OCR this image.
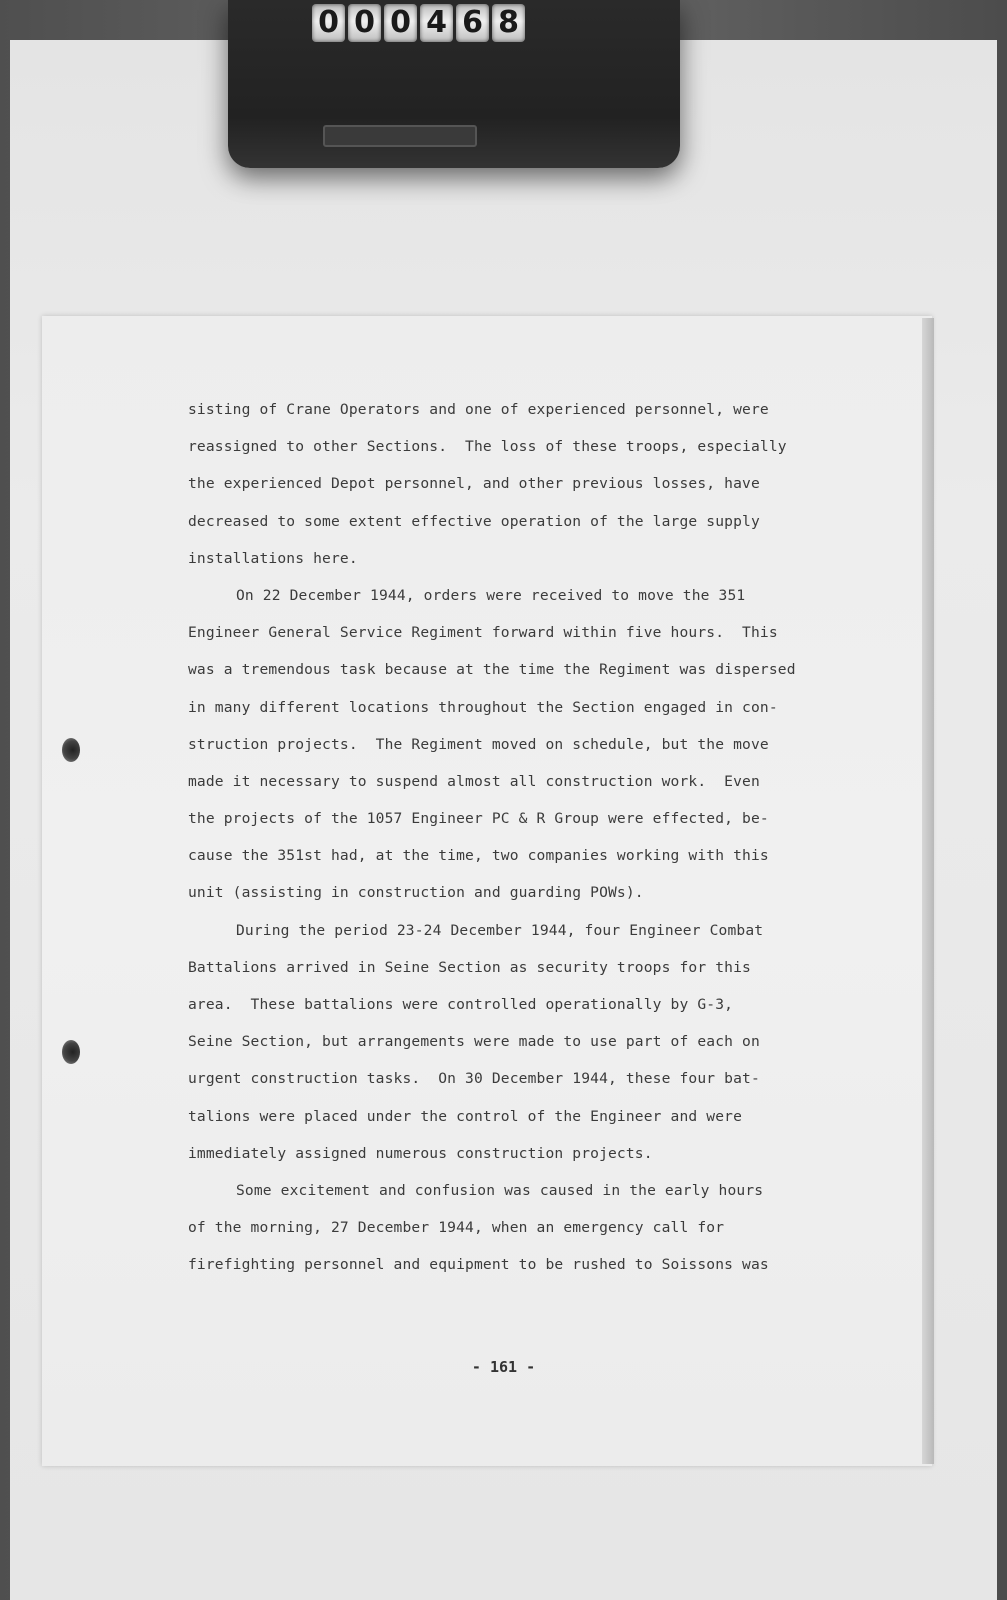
0 0 0 4 6 8
sisting of Crane Operators and one of experienced personnel, were
reassigned to other Sections.  The loss of these troops, especially
the experienced Depot personnel, and other previous losses, have
decreased to some extent effective operation of the large supply
installations here.
On 22 December 1944, orders were received to move the 351
Engineer General Service Regiment forward within five hours.  This
was a tremendous task because at the time the Regiment was dispersed
in many different locations throughout the Section engaged in con-
struction projects.  The Regiment moved on schedule, but the move
made it necessary to suspend almost all construction work.  Even
the projects of the 1057 Engineer PC & R Group were effected, be-
cause the 351st had, at the time, two companies working with this
unit (assisting in construction and guarding POWs).
During the period 23-24 December 1944, four Engineer Combat
Battalions arrived in Seine Section as security troops for this
area.  These battalions were controlled operationally by G-3,
Seine Section, but arrangements were made to use part of each on
urgent construction tasks.  On 30 December 1944, these four bat-
talions were placed under the control of the Engineer and were
immediately assigned numerous construction projects.
Some excitement and confusion was caused in the early hours
of the morning, 27 December 1944, when an emergency call for
firefighting personnel and equipment to be rushed to Soissons was
- 161 -
